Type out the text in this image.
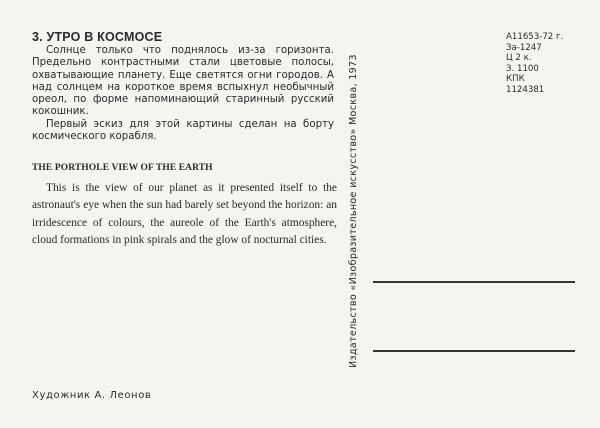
3. УТРО В КОСМОСЕ

Солнце только что поднялось из-за горизонта. Предельно контрастными стали цветовые полосы, охватывающие планету. Еще светятся огни городов. А над солнцем на короткое время вспыхнул необычный ореол, по форме напоминающий старинный русский кокошник.

Первый эскиз для этой картины сделан на борту космического корабля.

THE PORTHOLE VIEW OF THE EARTH

This is the view of our planet as it presented itself to the astronaut's eye when the sun had barely set beyond the horizon: an irridescence of colours, the aureole of the Earth's atmosphere, cloud formations in pink spirals and the glow of nocturnal cities.

Художник А. Леонов
Издательство «Изобразительное искусство» Москва, 1973
А11653-72 г.
За-1247
Ц 2 к.
З. 1100
КПК
1124381
